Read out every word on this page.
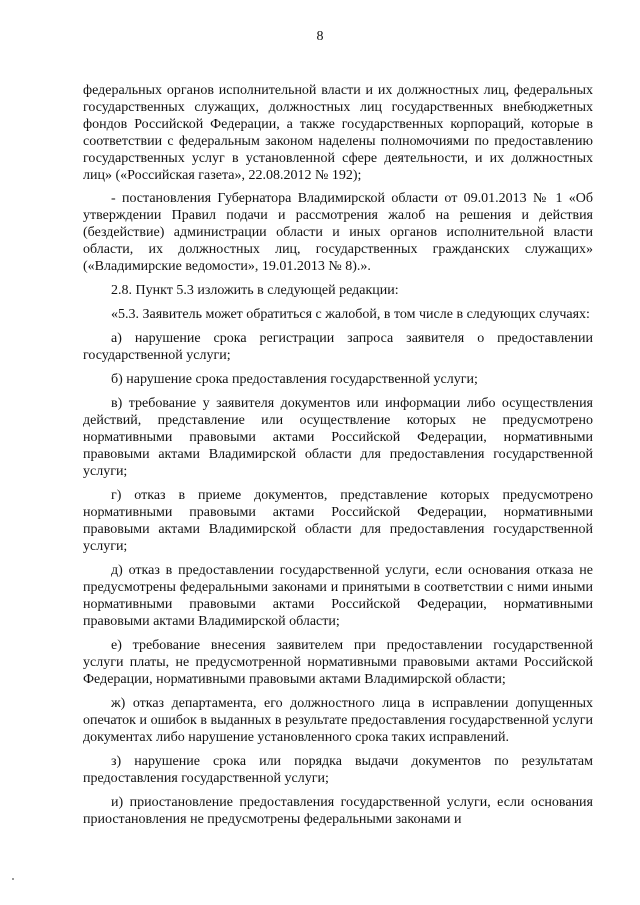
8

федеральных органов исполнительной власти и их должностных лиц, федеральных государственных служащих, должностных лиц государственных внебюджетных фондов Российской Федерации, а также государственных корпораций, которые в соответствии с федеральным законом наделены полномочиями по предоставлению государственных услуг в установленной сфере деятельности, и их должностных лиц» («Российская газета», 22.08.2012 № 192);

- постановления Губернатора Владимирской области от 09.01.2013 № 1 «Об утверждении Правил подачи и рассмотрения жалоб на решения и действия (бездействие) администрации области и иных органов исполнительной власти области, их должностных лиц, государственных гражданских служащих» («Владимирские ведомости», 19.01.2013 № 8).».

2.8. Пункт 5.3 изложить в следующей редакции:

«5.3. Заявитель может обратиться с жалобой, в том числе в следующих случаях:

а) нарушение срока регистрации запроса заявителя о предоставлении государственной услуги;

б) нарушение срока предоставления государственной услуги;

в) требование у заявителя документов или информации либо осуществления действий, представление или осуществление которых не предусмотрено нормативными правовыми актами Российской Федерации, нормативными правовыми актами Владимирской области для предоставления государственной услуги;

г) отказ в приеме документов, представление которых предусмотрено нормативными правовыми актами Российской Федерации, нормативными правовыми актами Владимирской области для предоставления государственной услуги;

д) отказ в предоставлении государственной услуги, если основания отказа не предусмотрены федеральными законами и принятыми в соответствии с ними иными нормативными правовыми актами Российской Федерации, нормативными правовыми актами Владимирской области;

е) требование внесения заявителем при предоставлении государственной услуги платы, не предусмотренной нормативными правовыми актами Российской Федерации, нормативными правовыми актами Владимирской области;

ж) отказ департамента, его должностного лица в исправлении допущенных опечаток и ошибок в выданных в результате предоставления государственной услуги документах либо нарушение установленного срока таких исправлений.

з) нарушение срока или порядка выдачи документов по результатам предоставления государственной услуги;

и) приостановление предоставления государственной услуги, если основания приостановления не предусмотрены федеральными законами и
